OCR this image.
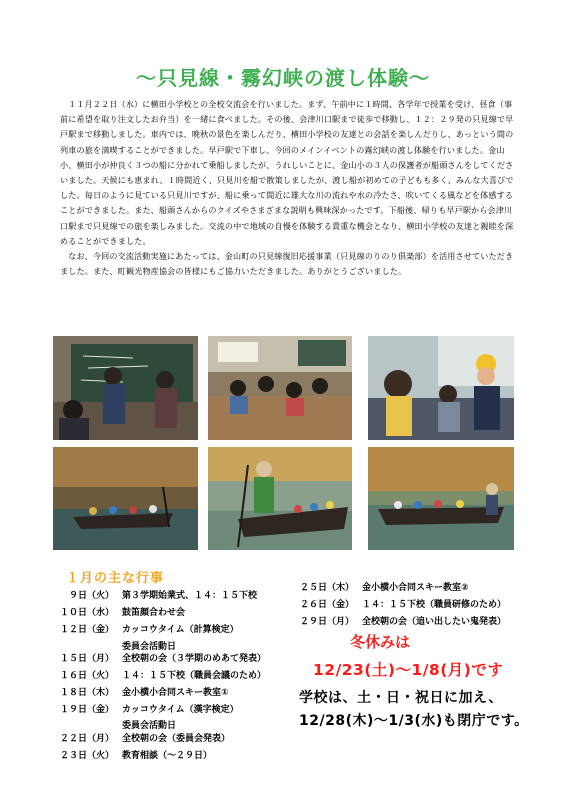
〜只見線・霧幻峡の渡し体験〜

１１月２２日（水）に横田小学校との全校交流会を行いました。まず、午前中に１時間、各学年で授業を受け、昼食（事前に希望を取り注文したお弁当）を一緒に食べました。その後、会津川口駅まで徒歩で移動し、１２：２９発の只見線で早戸駅まで移動しました。車内では、晩秋の景色を楽しんだり、横田小学校の友達との会話を楽しんだりし、あっという間の列車の旅を満喫することができました。早戸駅で下車し、今回のメインイベントの霧幻峡の渡し体験を行いました。金山小、横田小が仲良く３つの船に分かれて乗船しましたが、うれしいことに、金山小の３人の保護者が船頭さんをしてくださいました。天候にも恵まれ、１時間近く、只見川を船で散策しましたが、渡し船が初めての子どもも多く、みんな大喜びでした。毎日のように見ている只見川ですが、船に乗って間近に雄大な川の流れや水の冷たさ、吹いてくる風などを体感することができました。また、船頭さんからのクイズやさまざまな説明も興味深かったです。下船後、帰りも早戸駅から会津川口駅まで只見線での旅を楽しみました。交流の中で地域の自慢を体験する貴重な機会となり、横田小学校の友達と親睦を深めることができました。

なお、今回の交流活動実施にあたっては、金山町の只見線復旧応援事業（只見線のりのり倶楽部）を活用させていただきました。また、町観光物産協会の皆様にもご協力いただきました。ありがとうございました。

１月の主な行事
９日（火） 第３学期始業式、１４：１５下校
１０日（水） 鼓笛顔合わせ会
１２日（金） カッコウタイム（計算検定）
委員会活動日
１５日（月） 全校朝の会（３学期のめあて発表）
１６日（火） １４：１５下校（職員会議のため）
１８日（木） 金小横小合同スキー教室①
１９日（金） カッコウタイム（漢字検定）
委員会活動日
２２日（月） 全校朝の会（委員会発表）
２３日（火） 教育相談（〜２９日）
２５日（木） 金小横小合同スキー教室②
２６日（金） １４：１５下校（職員研修のため）
２９日（月） 全校朝の会（追い出したい鬼発表）
冬休みは
12/23(土)〜1/8(月)です
学校は、土・日・祝日に加え、12/28(木)〜1/3(水)も閉庁です。
